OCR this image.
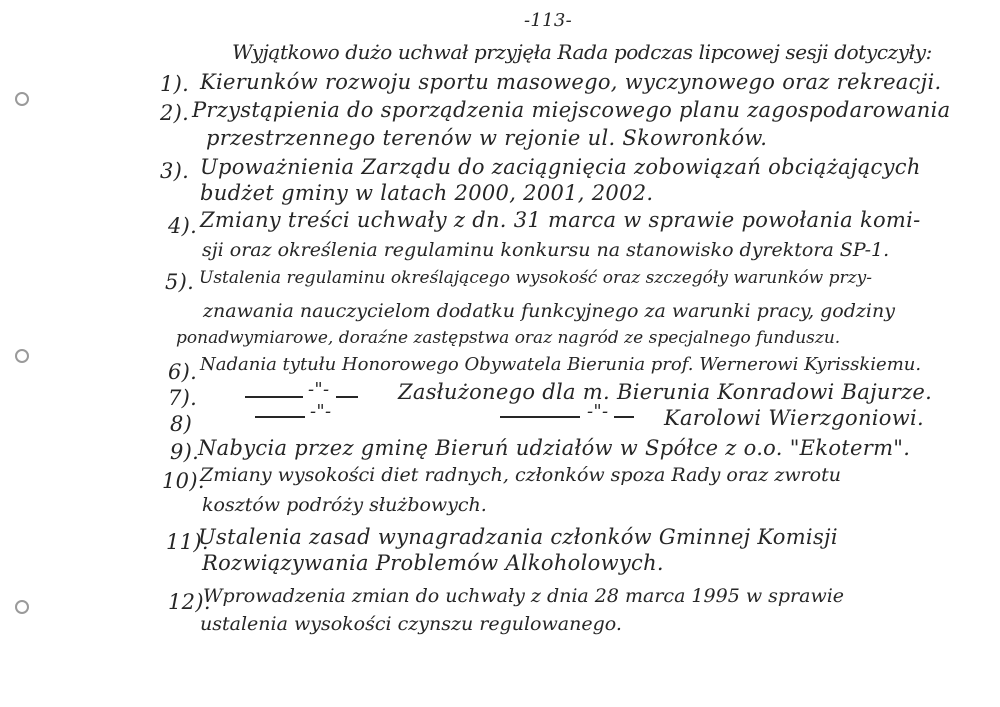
-113-
Wyjątkowo dużo uchwał przyjęła Rada podczas lipcowej sesji dotyczyły:
1). Kierunków rozwoju sportu masowego, wyczynowego oraz rekreacji.
2). Przystąpienia do sporządzenia miejscowego planu zagospodarowania
przestrzennego terenów w rejonie ul. Skowronków.
3). Upoważnienia Zarządu do zaciągnięcia zobowiązań obciążających
budżet gminy w latach 2000, 2001, 2002.
4). Zmiany treści uchwały z dn. 31 marca w sprawie powołania komi-
sji oraz określenia regulaminu konkursu na stanowisko dyrektora SP-1.
5). Ustalenia regulaminu określającego wysokość oraz szczegóły warunków przy-
znawania nauczycielom dodatku funkcyjnego za warunki pracy, godziny
ponadwymiarowe, doraźne zastępstwa oraz nagród ze specjalnego funduszu.
6). Nadania tytułu Honorowego Obywatela Bierunia prof. Wernerowi Kyrisskiemu.
7).	-"-	Zasłużonego dla m. Bierunia Konradowi Bajurze.
8)
-"-	-"-	Karolowi Wierzgoniowi.
9).
Nabycia przez gminę Bieruń udziałów w Spółce z o.o. "Ekoterm".
10).
Zmiany wysokości diet radnych, członków spoza Rady oraz zwrotu
kosztów podróży służbowych.
11).
Ustalenia zasad wynagradzania członków Gminnej Komisji
Rozwiązywania Problemów Alkoholowych.
12).
Wprowadzenia zmian do uchwały z dnia 28 marca 1995 w sprawie
ustalenia wysokości czynszu regulowanego.
